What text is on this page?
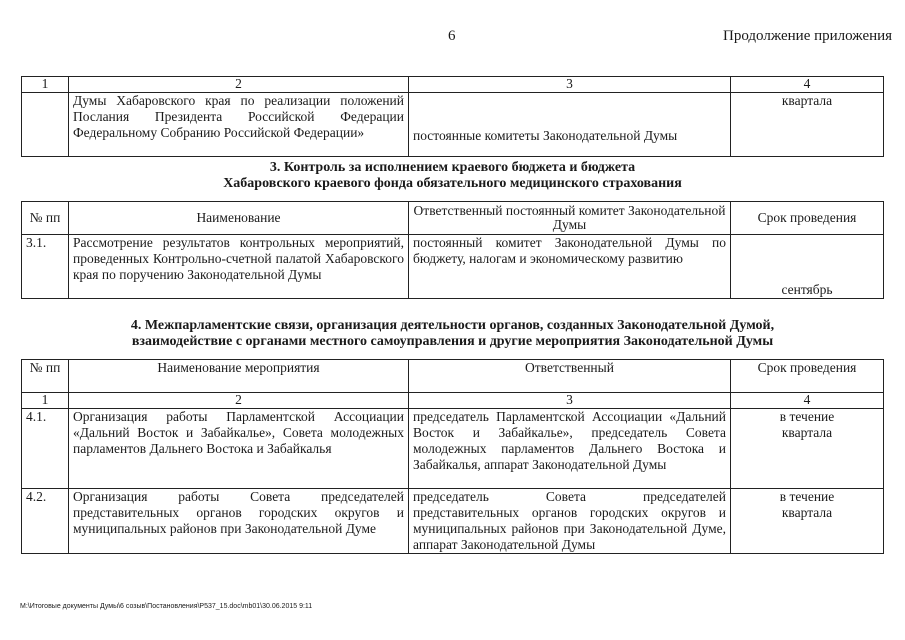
6	Продолжение приложения
1	2	3	4
	Думы Хабаровского края по реализации положений Послания Президента Российской Федерации Федеральному Собранию Российской Федерации»	постоянные комитеты Законодательной Думы	квартала
3. Контроль за исполнением краевого бюджета и бюджета
Хабаровского краевого фонда обязательного медицинского страхования
№ пп	Наименование	Ответственный постоянный комитет Законодательной Думы	Срок проведения
3.1.	Рассмотрение результатов контрольных мероприятий, проведенных Контрольно-счетной палатой Хабаровского края по поручению Законодательной Думы	постоянный комитет Законодательной Думы по бюджету, налогам и экономическому развитию	сентябрь
4. Межпарламентские связи, организация деятельности органов, созданных Законодательной Думой,
взаимодействие с органами местного самоуправления и другие мероприятия Законодательной Думы
№ пп	Наименование мероприятия	Ответственный	Срок проведения
1	2	3	4
4.1.	Организация работы Парламентской Ассоциации «Дальний Восток и Забайкалье», Совета молодежных парламентов Дальнего Востока и Забайкалья	председатель Парламентской Ассоциации «Дальний Восток и Забайкалье», председатель Совета молодежных парламентов Дальнего Востока и Забайкалья, аппарат Законодательной Думы	в течение квартала
4.2.	Организация работы Совета председателей представительных органов городских округов и муниципальных районов при Законодательной Думе	председатель Совета председателей представительных органов городских округов и муниципальных районов при Законодательной Думе, аппарат Законодательной Думы	в течение квартала
М:\Итоговые документы Думы\6 созыв\Постановления\Р537_15.doc\mb01\30.06.2015 9:11
